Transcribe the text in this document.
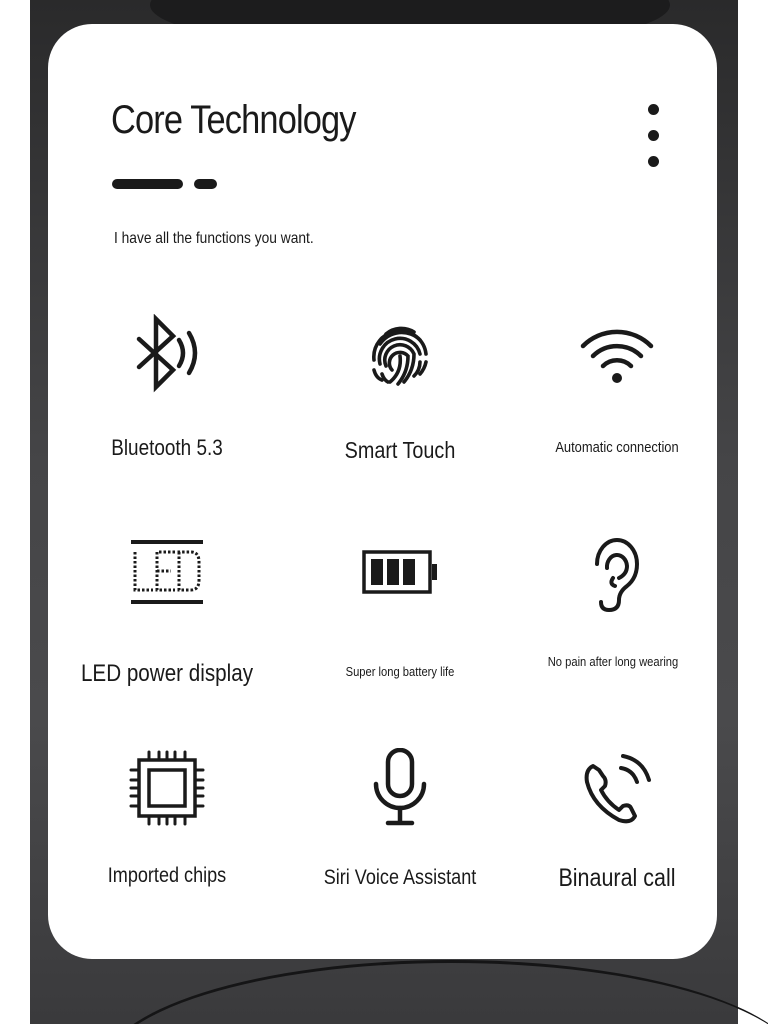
Core Technology

I have all the functions you want.

Bluetooth 5.3	Smart Touch	Automatic connection
LED power display	Super long battery life
No pain after long wearing
Imported chips	Siri Voice Assistant	Binaural call
